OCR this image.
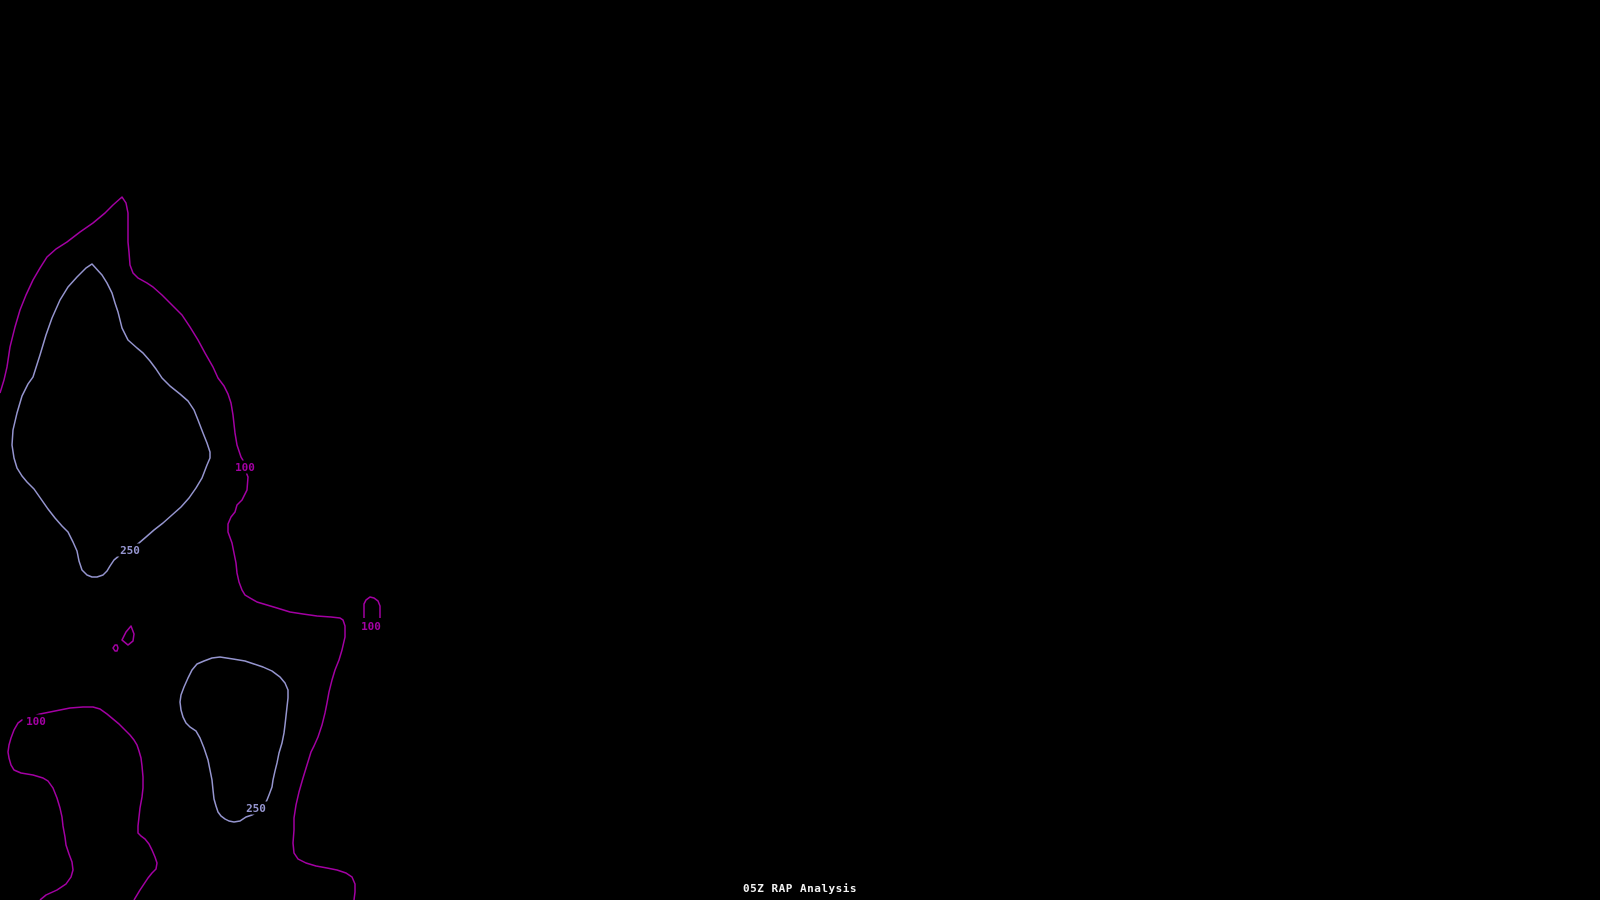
100
250
100
100
250
05Z RAP Analysis
